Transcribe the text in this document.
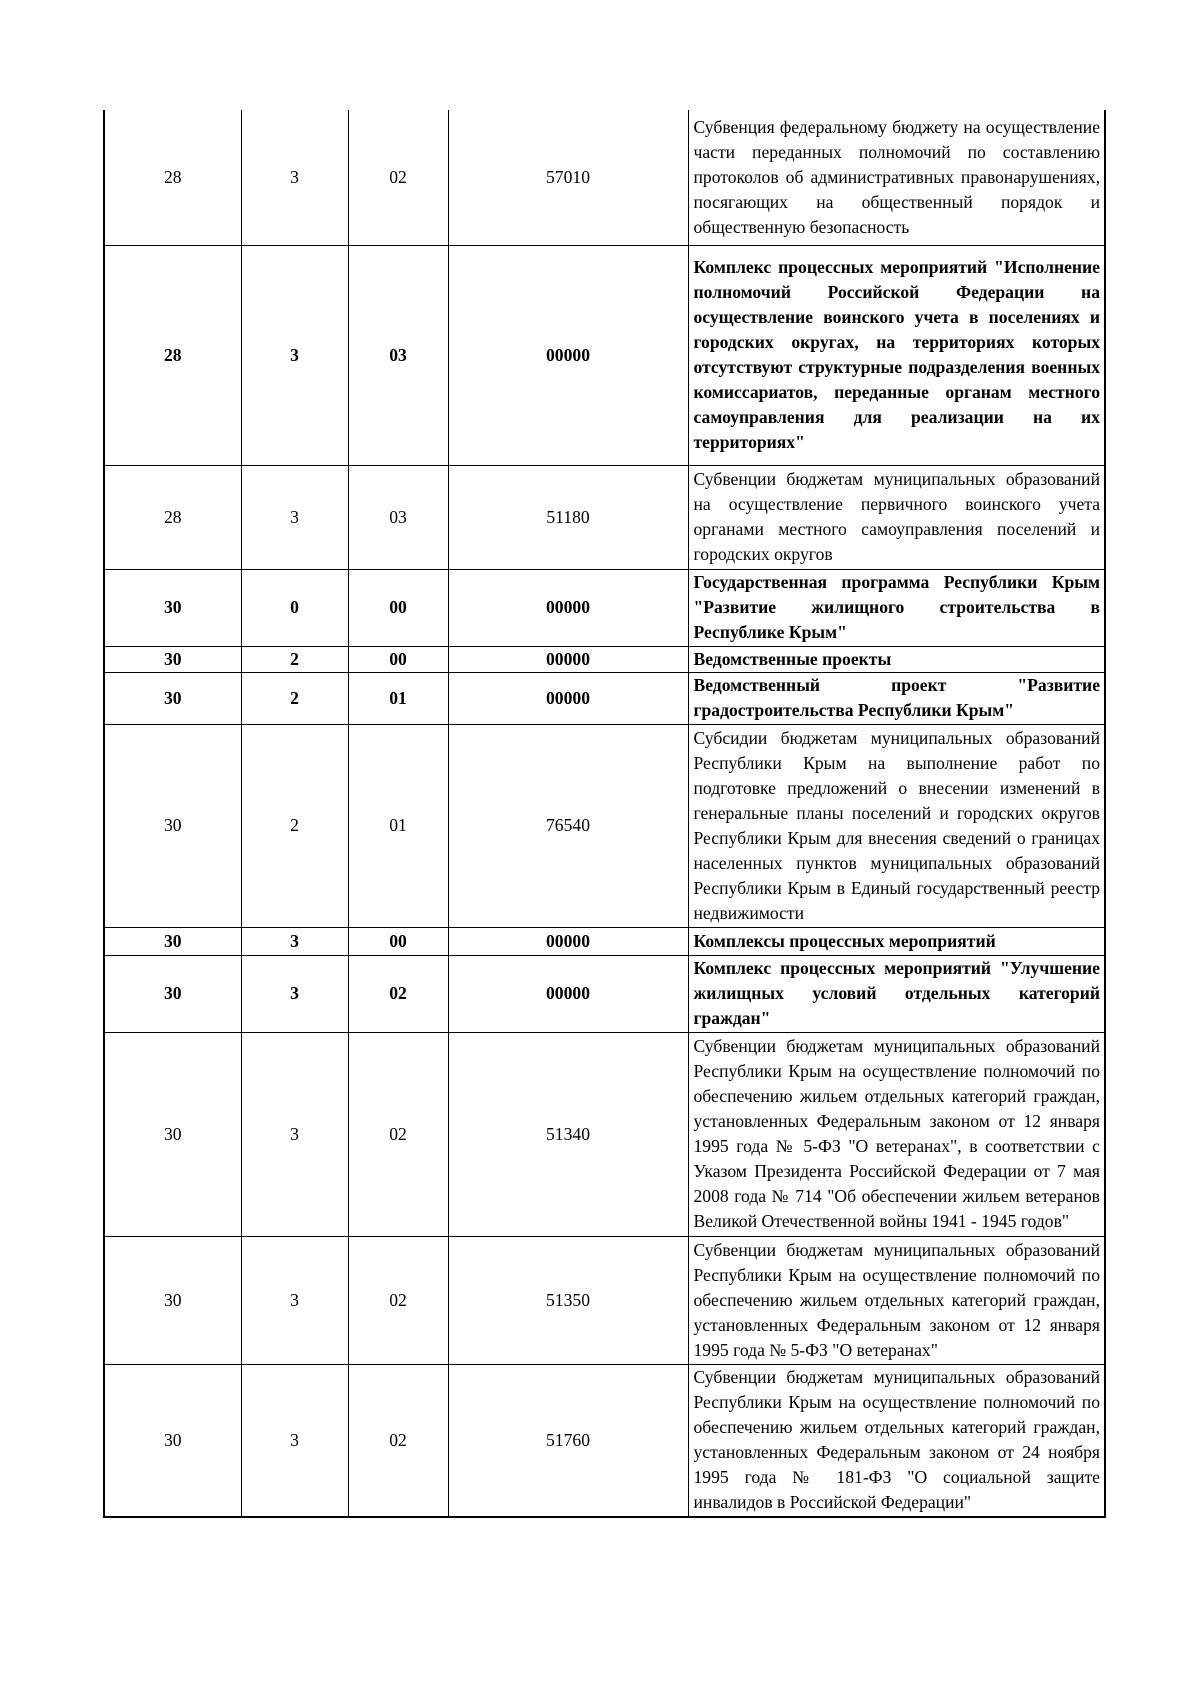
28	3	02	57010	Субвенция федеральному бюджету на осуществление части переданных полномочий по составлению протоколов об административных правонарушениях, посягающих на общественный порядок и общественную безопасность
28	3	03	00000	Комплекс процессных мероприятий "Исполнение полномочий Российской Федерации на осуществление воинского учета в поселениях и городских округах, на территориях которых отсутствуют структурные подразделения военных комиссариатов, переданные органам местного самоуправления для реализации на их территориях"
28	3	03	51180	Субвенции бюджетам муниципальных образований на осуществление первичного воинского учета органами местного самоуправления поселений и городских округов
30	0	00	00000	Государственная программа Республики Крым "Развитие жилищного строительства в Республике Крым"
30	2	00	00000	Ведомственные проекты
30	2	01	00000	Ведомственный проект "Развитие градостроительства Республики Крым"
30	2	01	76540	Субсидии бюджетам муниципальных образований Республики Крым на выполнение работ по подготовке предложений о внесении изменений в генеральные планы поселений и городских округов Республики Крым для внесения сведений о границах населенных пунктов муниципальных образований Республики Крым в Единый государственный реестр недвижимости
30	3	00	00000	Комплексы процессных мероприятий
30	3	02	00000	Комплекс процессных мероприятий "Улучшение жилищных условий отдельных категорий граждан"
30	3	02	51340	Субвенции бюджетам муниципальных образований Республики Крым на осуществление полномочий по обеспечению жильем отдельных категорий граждан, установленных Федеральным законом от 12 января 1995 года № 5-ФЗ "О ветеранах", в соответствии с Указом Президента Российской Федерации от 7 мая 2008 года № 714 "Об обеспечении жильем ветеранов Великой Отечественной войны 1941 - 1945 годов"
30	3	02	51350	Субвенции бюджетам муниципальных образований Республики Крым на осуществление полномочий по обеспечению жильем отдельных категорий граждан, установленных Федеральным законом от 12 января 1995 года № 5-ФЗ "О ветеранах"
30	3	02	51760	Субвенции бюджетам муниципальных образований Республики Крым на осуществление полномочий по обеспечению жильем отдельных категорий граждан, установленных Федеральным законом от 24 ноября 1995 года № 181-ФЗ "О социальной защите инвалидов в Российской Федерации"
